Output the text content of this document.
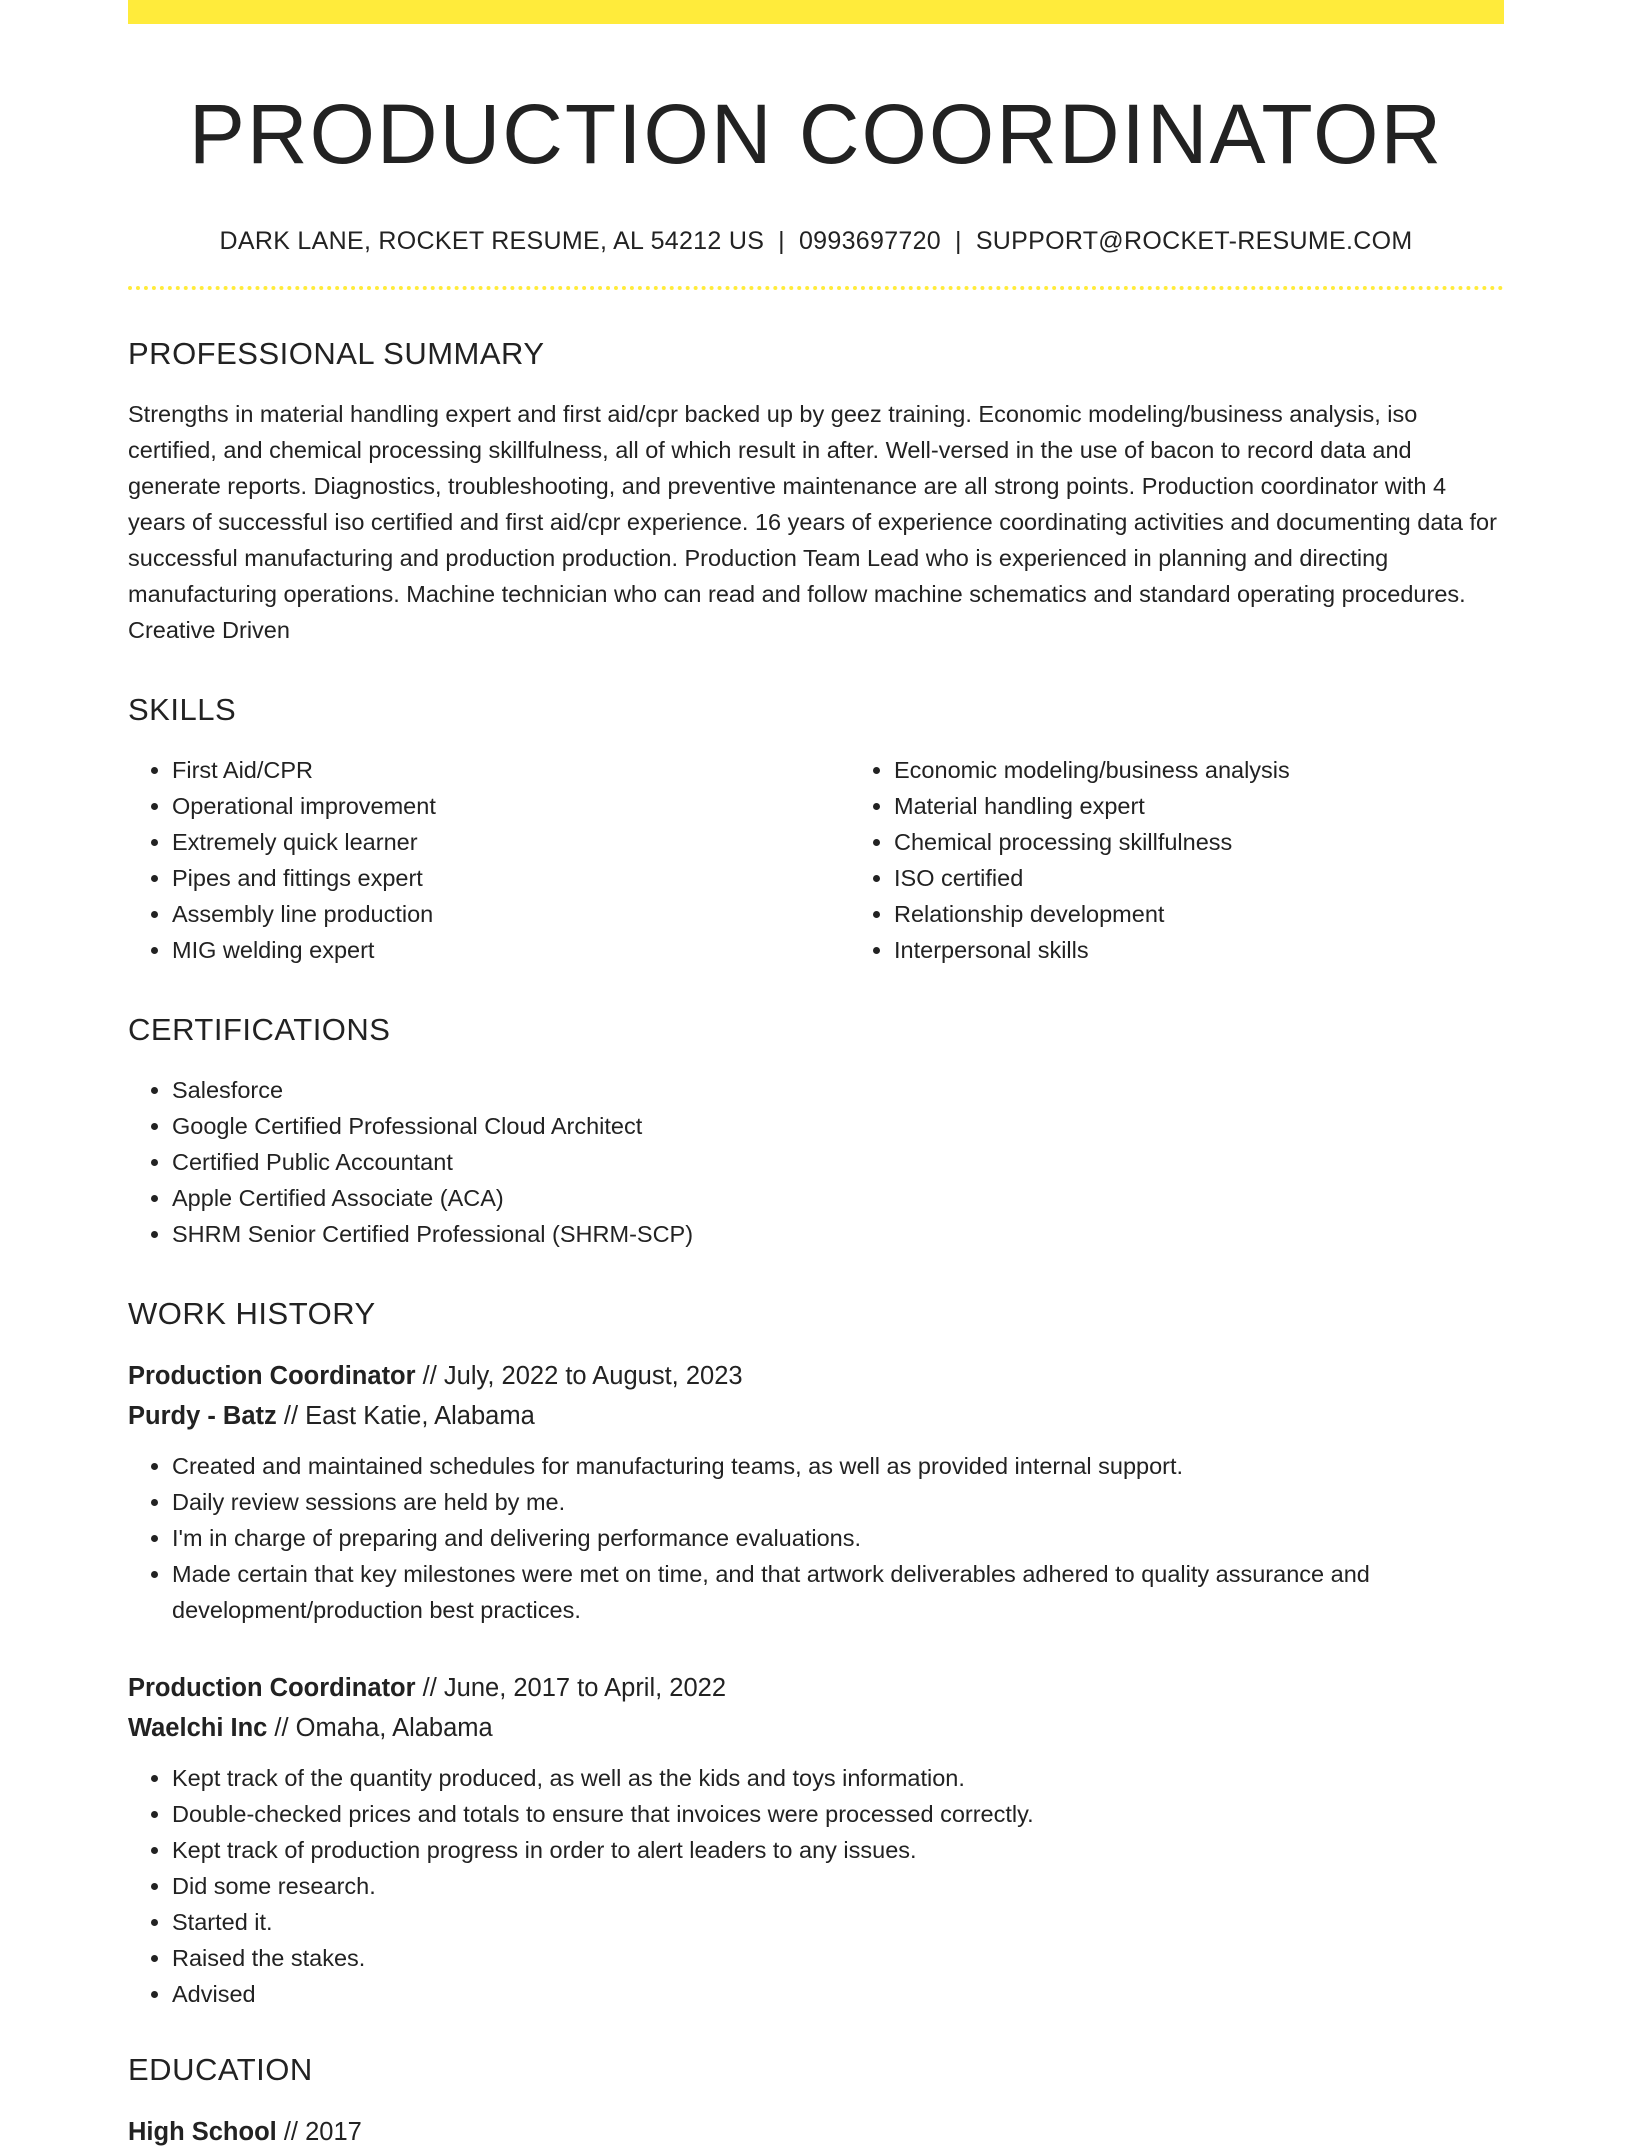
PRODUCTION COORDINATOR
DARK LANE, ROCKET RESUME, AL 54212 US | 0993697720 | SUPPORT@ROCKET-RESUME.COM
PROFESSIONAL SUMMARY

Strengths in material handling expert and first aid/cpr backed up by geez training. Economic modeling/business analysis, iso certified, and chemical processing skillfulness, all of which result in after. Well-versed in the use of bacon to record data and generate reports. Diagnostics, troubleshooting, and preventive maintenance are all strong points. Production coordinator with 4 years of successful iso certified and first aid/cpr experience. 16 years of experience coordinating activities and documenting data for successful manufacturing and production production. Production Team Lead who is experienced in planning and directing manufacturing operations. Machine technician who can read and follow machine schematics and standard operating procedures. Creative Driven

SKILLS
• First Aid/CPR
• Operational improvement
• Extremely quick learner
• Pipes and fittings expert
• Assembly line production
• MIG welding expert
• Economic modeling/business analysis
• Material handling expert
• Chemical processing skillfulness
• ISO certified
• Relationship development
• Interpersonal skills
CERTIFICATIONS
• Salesforce
• Google Certified Professional Cloud Architect
• Certified Public Accountant
• Apple Certified Associate (ACA)
• SHRM Senior Certified Professional (SHRM-SCP)
WORK HISTORY
Production Coordinator // July, 2022 to August, 2023
Purdy - Batz // East Katie, Alabama
• Created and maintained schedules for manufacturing teams, as well as provided internal support.
• Daily review sessions are held by me.
• I'm in charge of preparing and delivering performance evaluations.
• Made certain that key milestones were met on time, and that artwork deliverables adhered to quality assurance and development/production best practices.
Production Coordinator // June, 2017 to April, 2022
Waelchi Inc // Omaha, Alabama
• Kept track of the quantity produced, as well as the kids and toys information.
• Double-checked prices and totals to ensure that invoices were processed correctly.
• Kept track of production progress in order to alert leaders to any issues.
• Did some research.
• Started it.
• Raised the stakes.
• Advised
EDUCATION
High School // 2017
